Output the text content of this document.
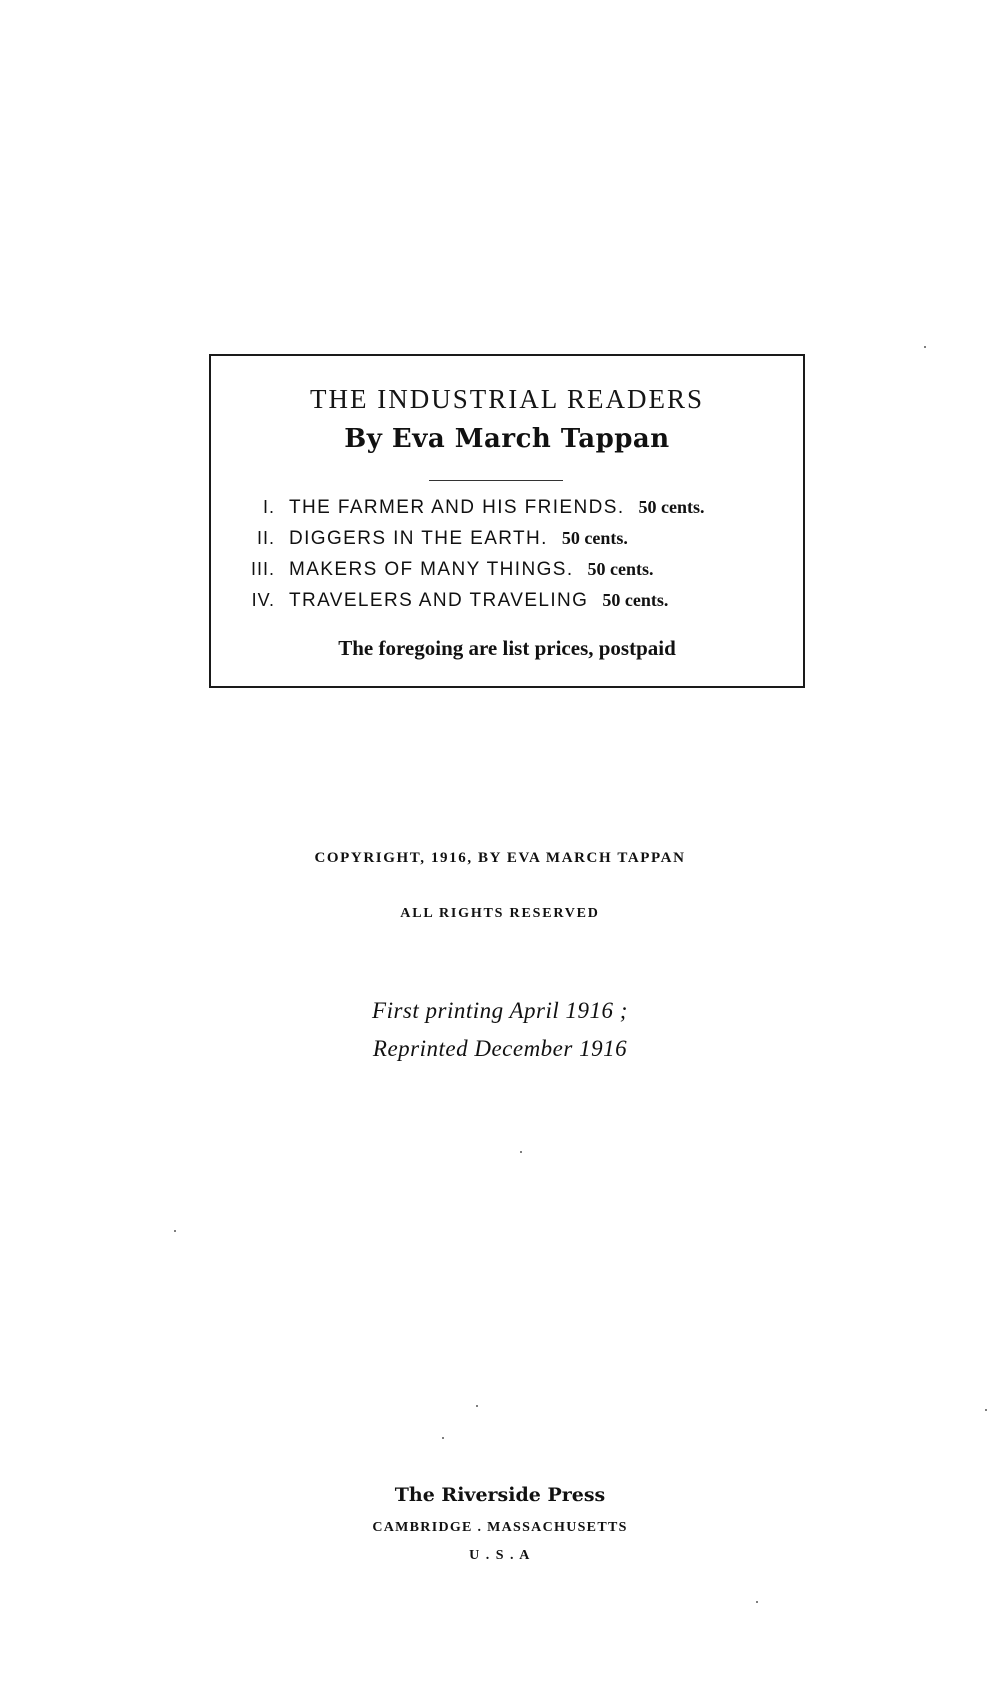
THE INDUSTRIAL READERS
By Eva March Tappan
I. THE FARMER AND HIS FRIENDS. 50 cents.
II. DIGGERS IN THE EARTH. 50 cents.
III. MAKERS OF MANY THINGS. 50 cents.
IV. TRAVELERS AND TRAVELING 50 cents.
The foregoing are list prices, postpaid
COPYRIGHT, 1916, BY EVA MARCH TAPPAN
ALL RIGHTS RESERVED
First printing April 1916 ;
Reprinted December 1916
The Riverside Press
CAMBRIDGE . MASSACHUSETTS
U . S . A
